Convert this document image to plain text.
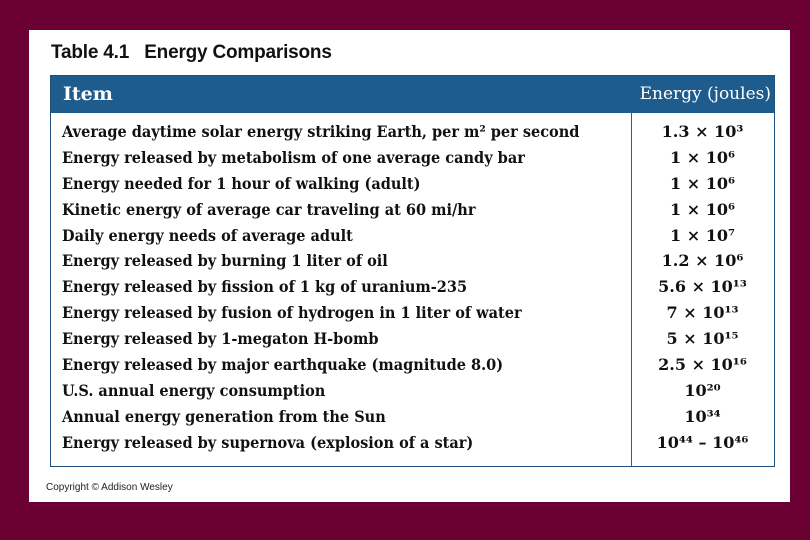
Table 4.1 Energy Comparisons
Item	Energy (joules)
Average daytime solar energy striking Earth, per m² per second	1.3 × 10³
Energy released by metabolism of one average candy bar	1 × 10⁶
Energy needed for 1 hour of walking (adult)	1 × 10⁶
Kinetic energy of average car traveling at 60 mi/hr	1 × 10⁶
Daily energy needs of average adult	1 × 10⁷
Energy released by burning 1 liter of oil	1.2 × 10⁶
Energy released by fission of 1 kg of uranium-235	5.6 × 10¹³
Energy released by fusion of hydrogen in 1 liter of water	7 × 10¹³
Energy released by 1-megaton H-bomb	5 × 10¹⁵
Energy released by major earthquake (magnitude 8.0)	2.5 × 10¹⁶
U.S. annual energy consumption	10²⁰
Annual energy generation from the Sun	10³⁴
Energy released by supernova (explosion of a star)	10⁴⁴ – 10⁴⁶
Copyright © Addison Wesley
